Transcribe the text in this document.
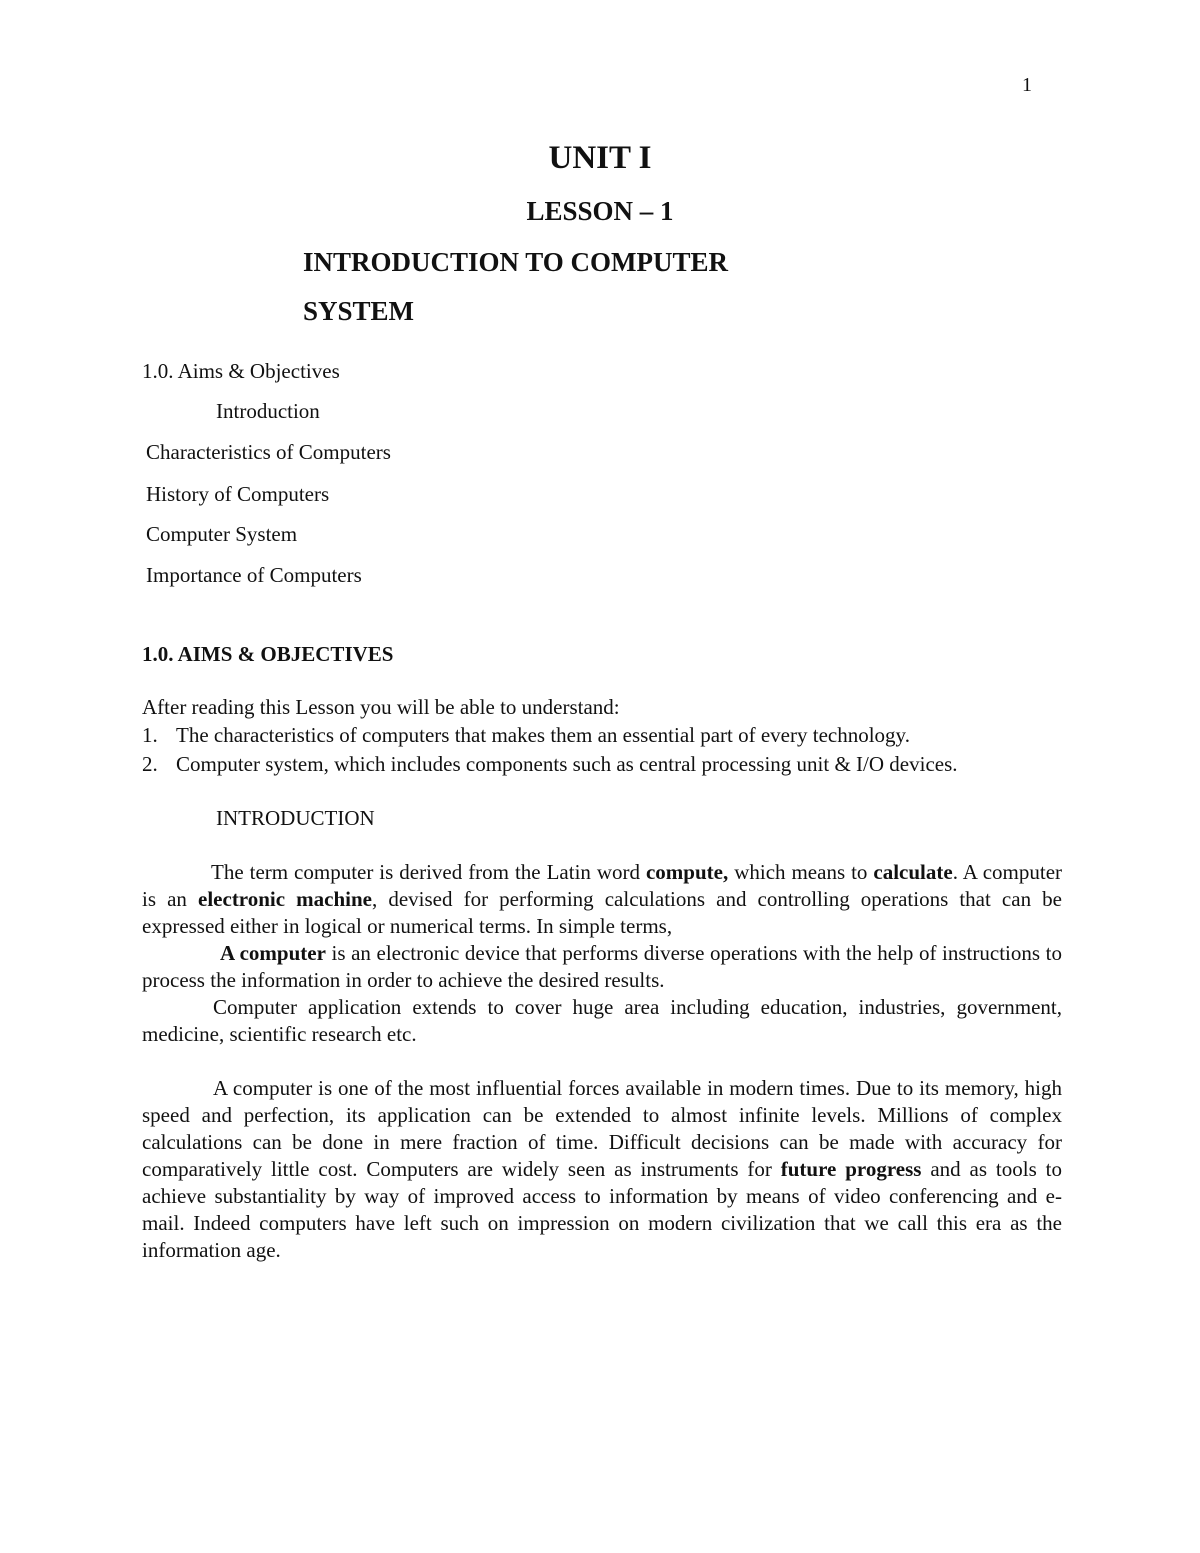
1
UNIT I
LESSON – 1
INTRODUCTION TO COMPUTER
SYSTEM
1.0. Aims & Objectives
Introduction
Characteristics of Computers
History of Computers
Computer System
Importance of Computers
1.0. AIMS & OBJECTIVES
After reading this Lesson you will be able to understand:
1. The characteristics of computers that makes them an essential part of every technology.
2. Computer system, which includes components such as central processing unit & I/O devices.
INTRODUCTION
The term computer is derived from the Latin word compute, which means to calculate. A computer is an electronic machine, devised for performing calculations and controlling operations that can be expressed either in logical or numerical terms. In simple terms,
A computer is an electronic device that performs diverse operations with the help of instructions to process the information in order to achieve the desired results.
Computer application extends to cover huge area including education, industries, government, medicine, scientific research etc.
A computer is one of the most influential forces available in modern times. Due to its memory, high speed and perfection, its application can be extended to almost infinite levels. Millions of complex calculations can be done in mere fraction of time. Difficult decisions can be made with accuracy for comparatively little cost. Computers are widely seen as instruments for future progress and as tools to achieve substantiality by way of improved access to information by means of video conferencing and e- mail. Indeed computers have left such on impression on modern civilization that we call this era as the information age.
